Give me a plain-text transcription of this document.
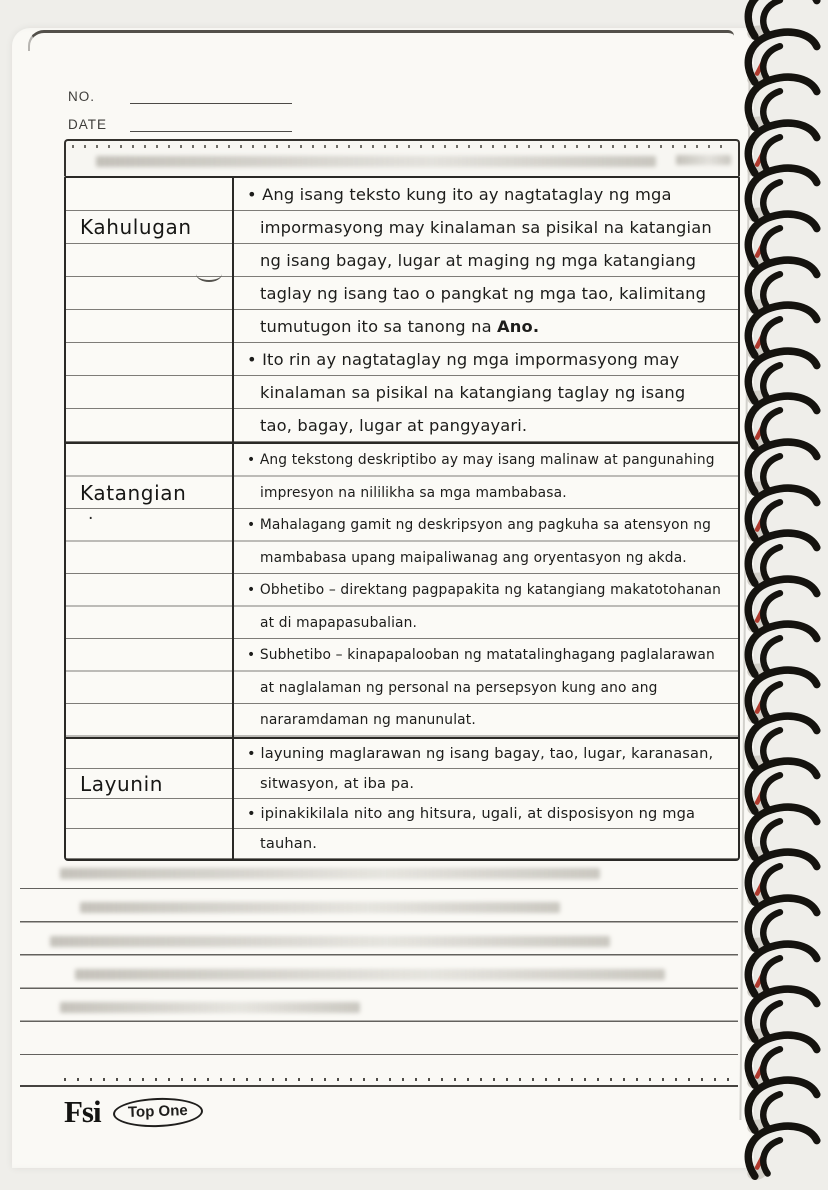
NO.
DATE
Kahulugan
• Ang isang teksto kung ito ay nagtataglay ng mga
impormasyong may kinalaman sa pisikal na katangian
ng isang bagay, lugar at maging ng mga katangiang
taglay ng isang tao o pangkat ng mga tao, kalimitang
tumutugon ito sa tanong na Ano.
• Ito rin ay nagtataglay ng mga impormasyong may
kinalaman sa pisikal na katangiang taglay ng isang
tao, bagay, lugar at pangyayari.
Katangian
.
• Ang tekstong deskriptibo ay may isang malinaw at pangunahing
impresyon na nililikha sa mga mambabasa.
• Mahalagang gamit ng deskripsyon ang pagkuha sa atensyon ng
mambabasa upang maipaliwanag ang oryentasyon ng akda.
• Obhetibo – direktang pagpapakita ng katangiang makatotohanan
at di mapapasubalian.
• Subhetibo – kinapapalooban ng matatalinghagang paglalarawan
at naglalaman ng personal na persepsyon kung ano ang
nararamdaman ng manunulat.
Layunin
• layuning maglarawan ng isang bagay, tao, lugar, karanasan,
sitwasyon, at iba pa.
• ipinakikilala nito ang hitsura, ugali, at disposisyon ng mga
tauhan.
Fsi	Top One
